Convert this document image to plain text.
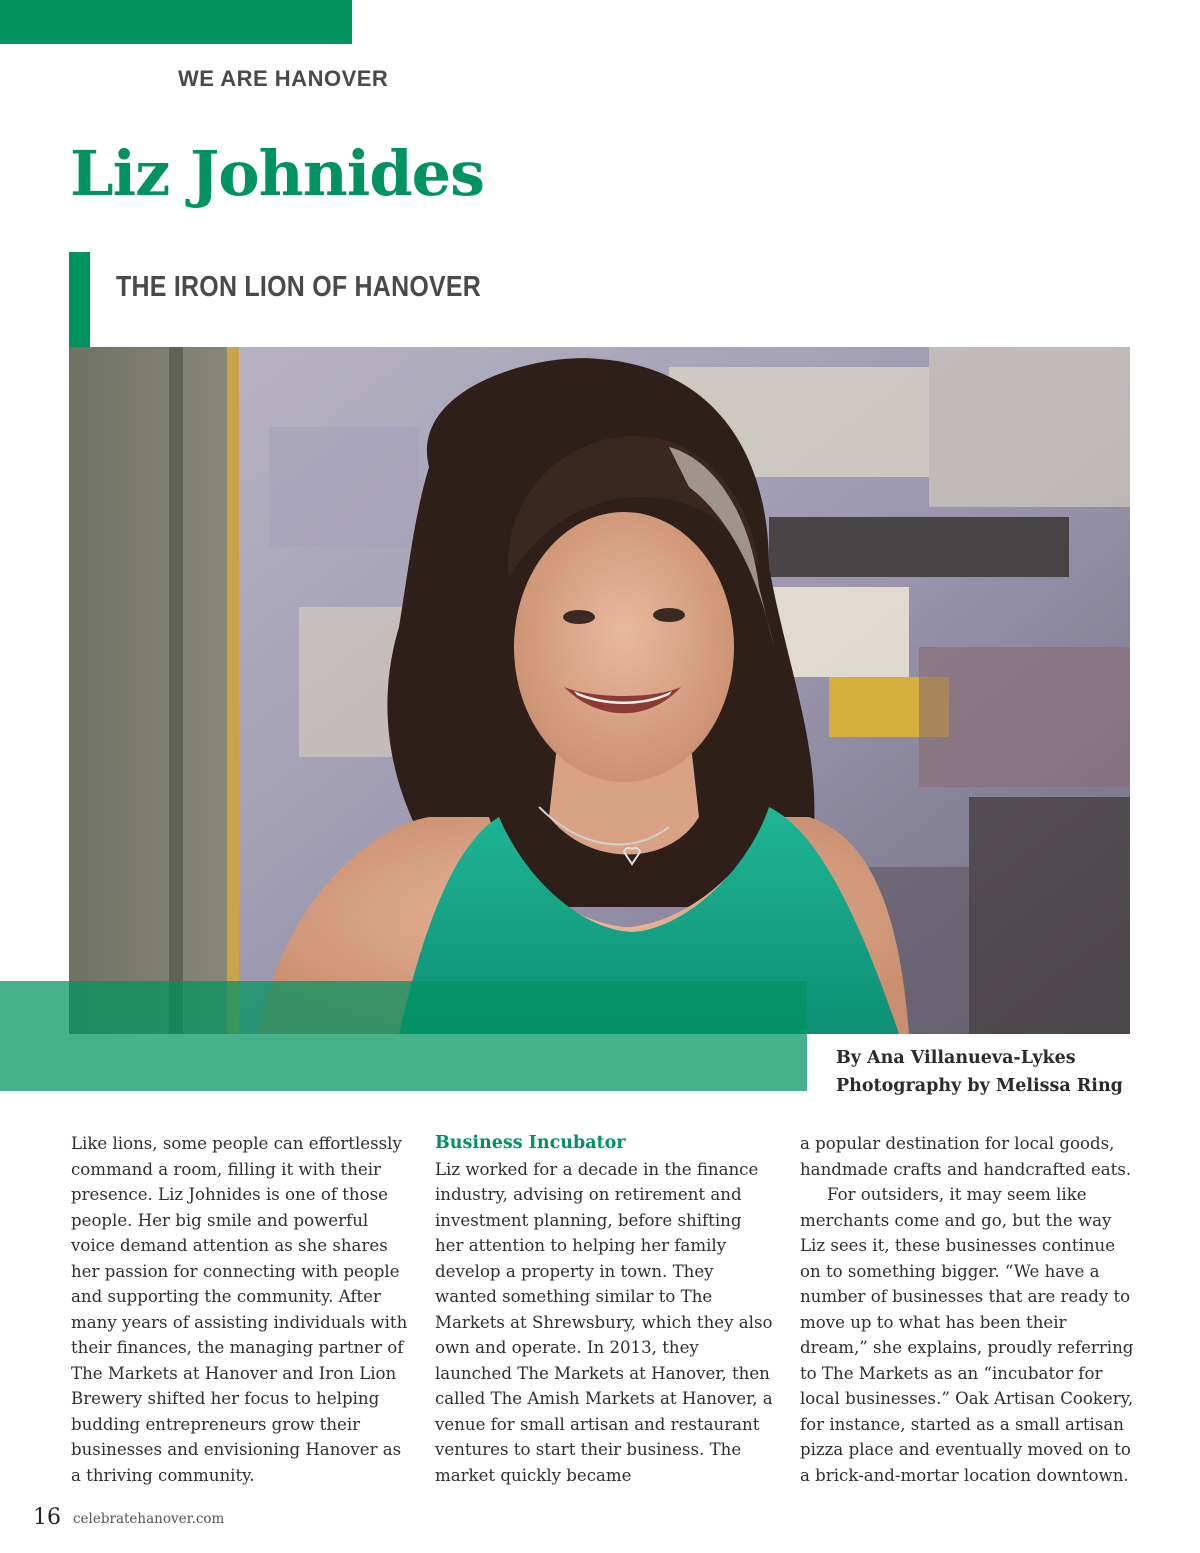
WE ARE HANOVER
Liz Johnides
THE IRON LION OF HANOVER
By Ana Villanueva-Lykes
Photography by Melissa Ring

Like lions, some people can effortlessly command a room, filling it with their presence. Liz Johnides is one of those people. Her big smile and powerful voice demand attention as she shares her passion for connecting with people and supporting the community. After many years of assisting individuals with their finances, the managing partner of The Markets at Hanover and Iron Lion Brewery shifted her focus to helping budding entrepreneurs grow their businesses and envisioning Hanover as a thriving community.

Business Incubator

Liz worked for a decade in the finance industry, advising on retirement and investment planning, before shifting her attention to helping her family develop a property in town. They wanted something similar to The Markets at Shrewsbury, which they also own and operate. In 2013, they launched The Markets at Hanover, then called The Amish Markets at Hanover, a venue for small artisan and restaurant ventures to start their business. The market quickly became

a popular destination for local goods, handmade crafts and handcrafted eats.

For outsiders, it may seem like merchants come and go, but the way Liz sees it, these businesses continue on to something bigger. “We have a number of businesses that are ready to move up to what has been their dream,” she explains, proudly referring to The Markets as an “incubator for local businesses.” Oak Artisan Cookery, for instance, started as a small artisan pizza place and eventually moved on to a brick-and-mortar location downtown.

16 celebratehanover.com
